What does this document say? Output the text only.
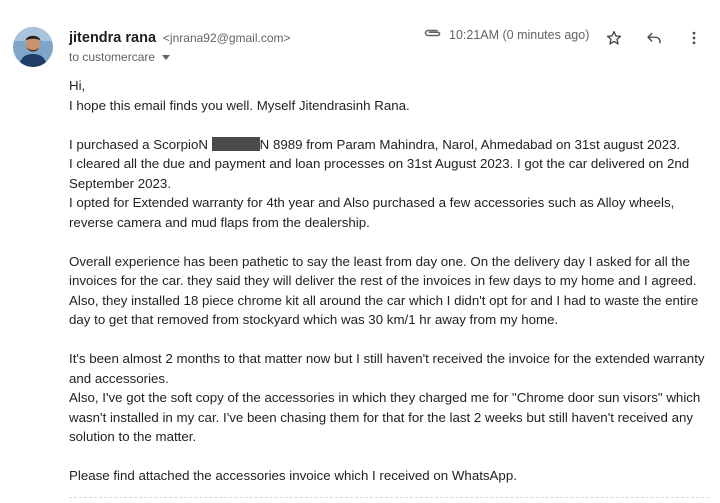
jitendra rana <jnrana92@gmail.com>
to customercare
10:21AM (0 minutes ago)

Hi,

I hope this email finds you well. Myself Jitendrasinh Rana.

I purchased a ScorpioN	N 8989 from Param Mahindra, Narol, Ahmedabad on 31st august 2023.

I cleared all the due and payment and loan processes on 31st August 2023. I got the car delivered on 2nd September 2023.

I opted for Extended warranty for 4th year and Also purchased a few accessories such as Alloy wheels, reverse camera and mud flaps from the dealership.

Overall experience has been pathetic to say the least from day one. On the delivery day I asked for all the invoices for the car. they said they will deliver the rest of the invoices in few days to my home and I agreed. Also, they installed 18 piece chrome kit all around the car which I didn't opt for and I had to waste the entire day to get that removed from stockyard which was 30 km/1 hr away from my home.

It's been almost 2 months to that matter now but I still haven't received the invoice for the extended warranty and accessories.

Also, I've got the soft copy of the accessories in which they charged me for "Chrome door sun visors" which wasn't installed in my car. I've been chasing them for that for the last 2 weeks but still haven't received any solution to the matter.

Please find attached the accessories invoice which I received on WhatsApp.
